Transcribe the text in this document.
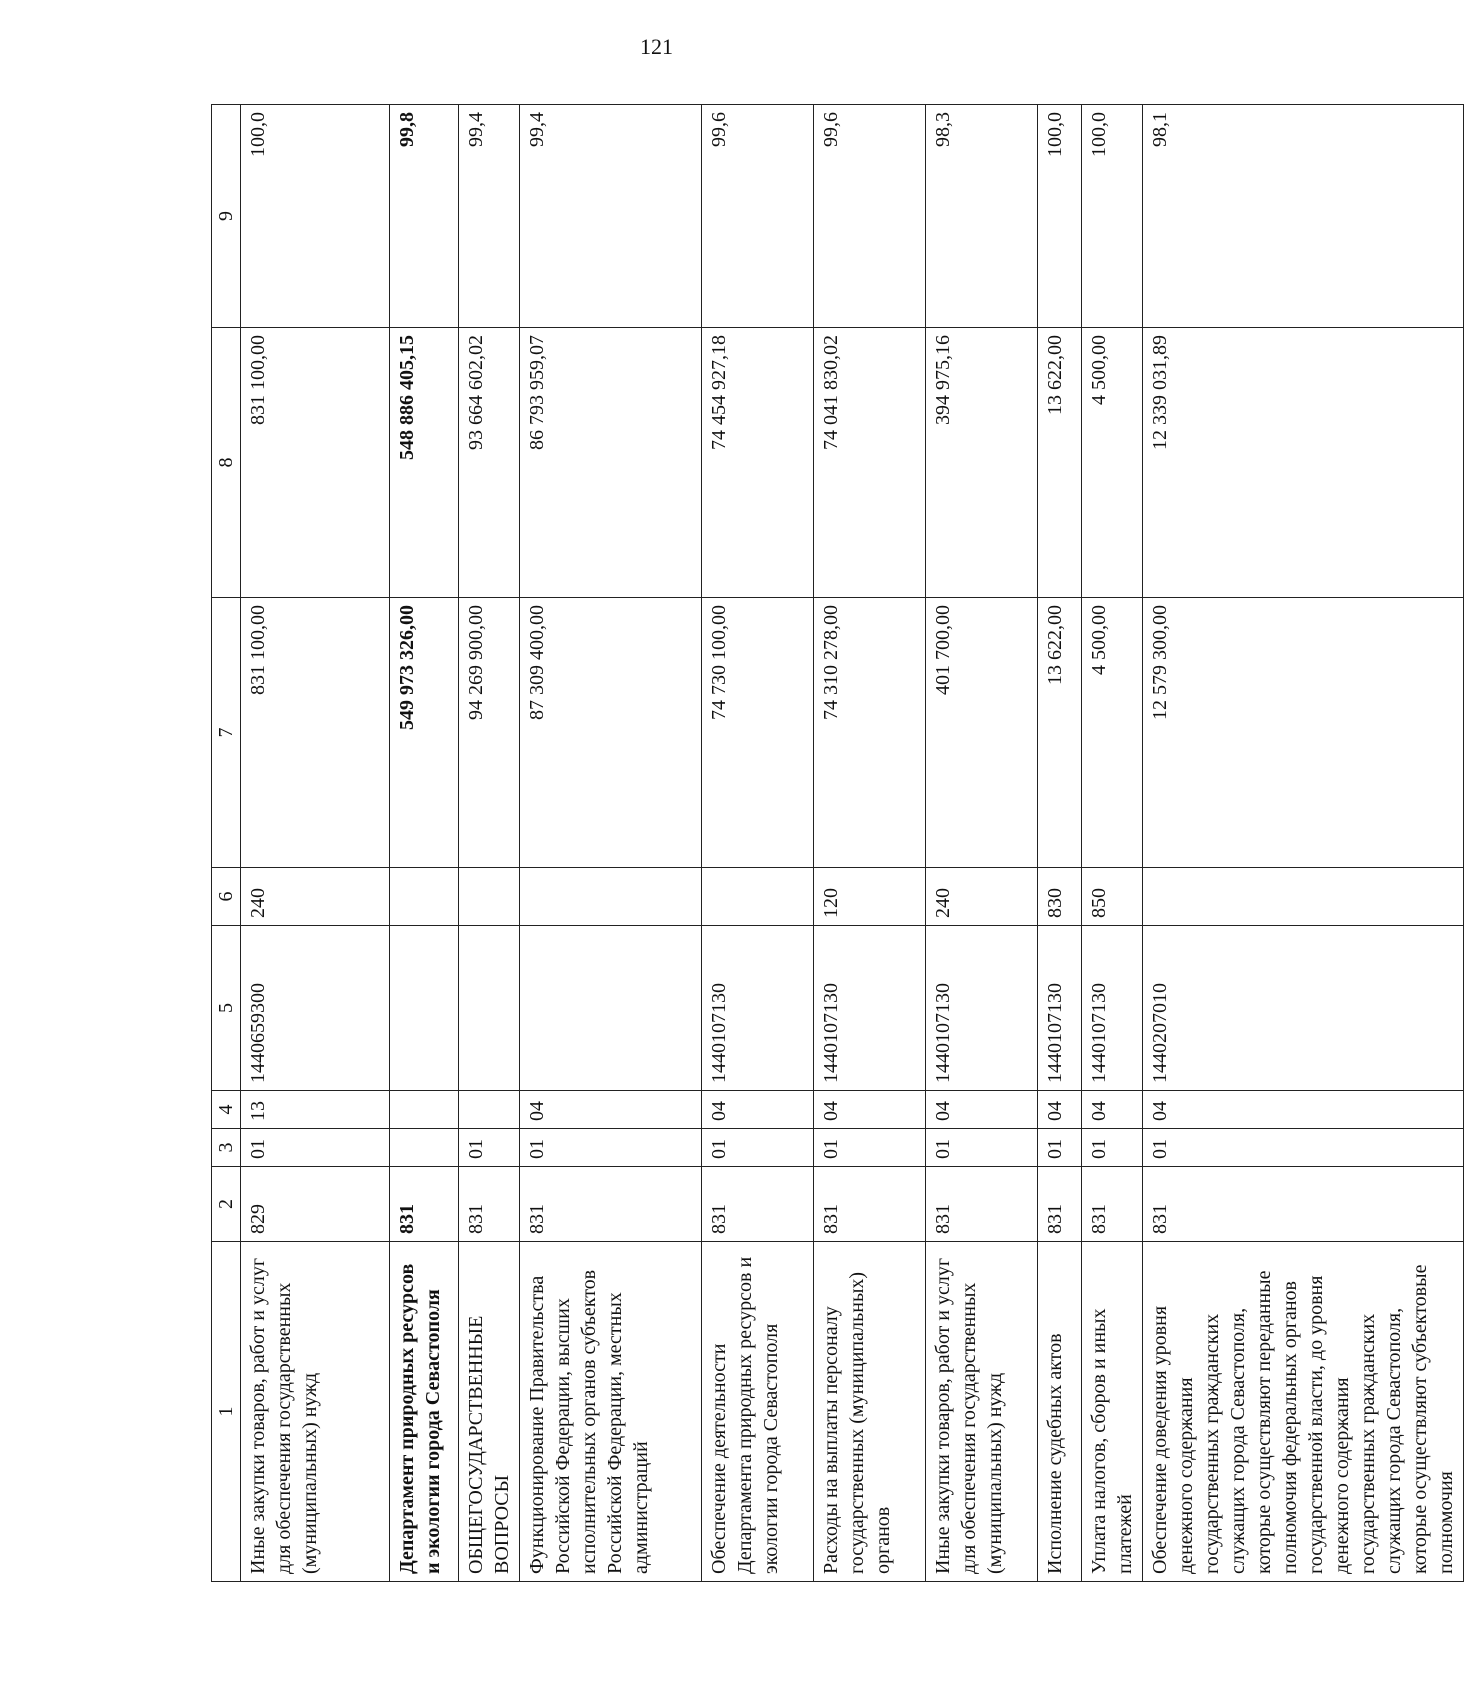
121
1	2	3	4	5	6	7	8	9
Иные закупки товаров, работ и услуг для обеспечения государственных (муниципальных) нужд	829	01	13	1440659300	240	831 100,00	831 100,00	100,0
Департамент природных ресурсов и экологии города Севастополя	831					549 973 326,00	548 886 405,15	99,8
ОБЩЕГОСУДАРСТВЕННЫЕ ВОПРОСЫ	831	01				94 269 900,00	93 664 602,02	99,4
Функционирование Правительства Российской Федерации, высших исполнительных органов субъектов Российской Федерации, местных администраций	831	01	04			87 309 400,00	86 793 959,07	99,4
Обеспечение деятельности Департамента природных ресурсов и экологии города Севастополя	831	01	04	1440107130		74 730 100,00	74 454 927,18	99,6
Расходы на выплаты персоналу государственных (муниципальных) органов	831	01	04	1440107130	120	74 310 278,00	74 041 830,02	99,6
Иные закупки товаров, работ и услуг для обеспечения государственных (муниципальных) нужд	831	01	04	1440107130	240	401 700,00	394 975,16	98,3
Исполнение судебных актов	831	01	04	1440107130	830	13 622,00	13 622,00	100,0
Уплата налогов, сборов и иных платежей	831	01	04	1440107130	850	4 500,00	4 500,00	100,0
Обеспечение доведения уровня денежного содержания государственных гражданских служащих города Севастополя, которые осуществляют переданные полномочия федеральных органов государственной власти, до уровня денежного содержания государственных гражданских служащих города Севастополя, которые осуществляют субъектовые полномочия	831	01	04	1440207010		12 579 300,00	12 339 031,89	98,1
